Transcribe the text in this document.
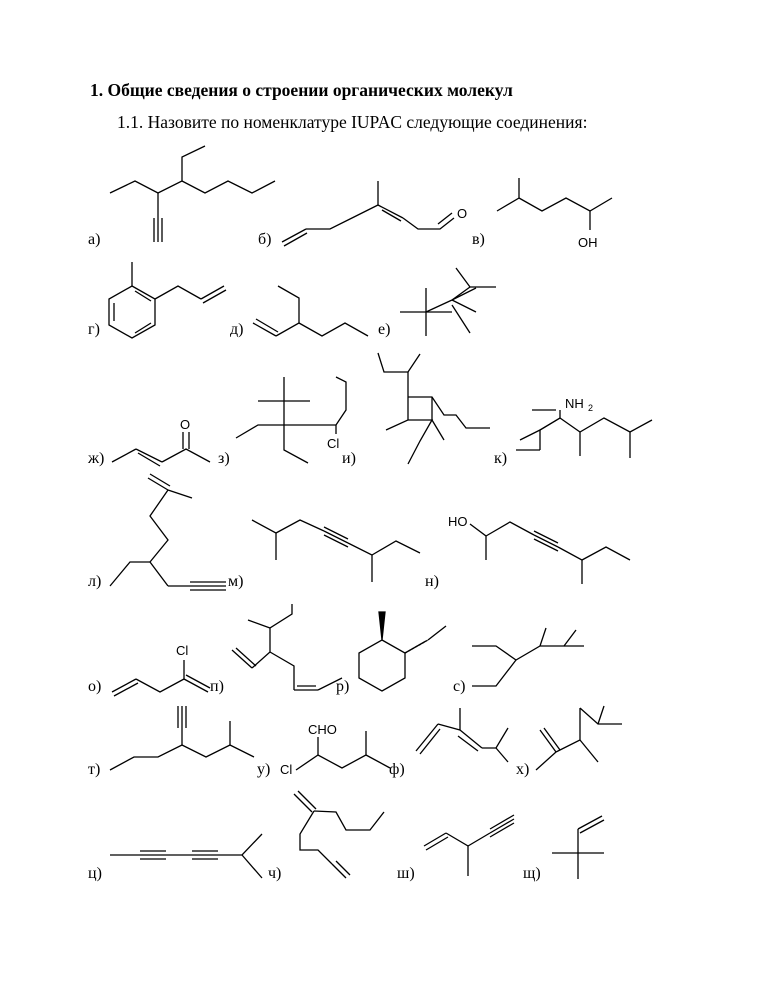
1. Общие сведения о строении органических молекул
1.1. Назовите по номенклатуре IUPAC следующие соединения:
а)	б)	в)
г)	д)	е)
ж)	з)	и)	к)
л)	м)	н)
о)	п)	р)	с)
т)	у)	ф)	х)
ц)	ч)	ш)	щ)
O
OH
O
Cl
NH 2
HO
Cl
CHO
Cl
